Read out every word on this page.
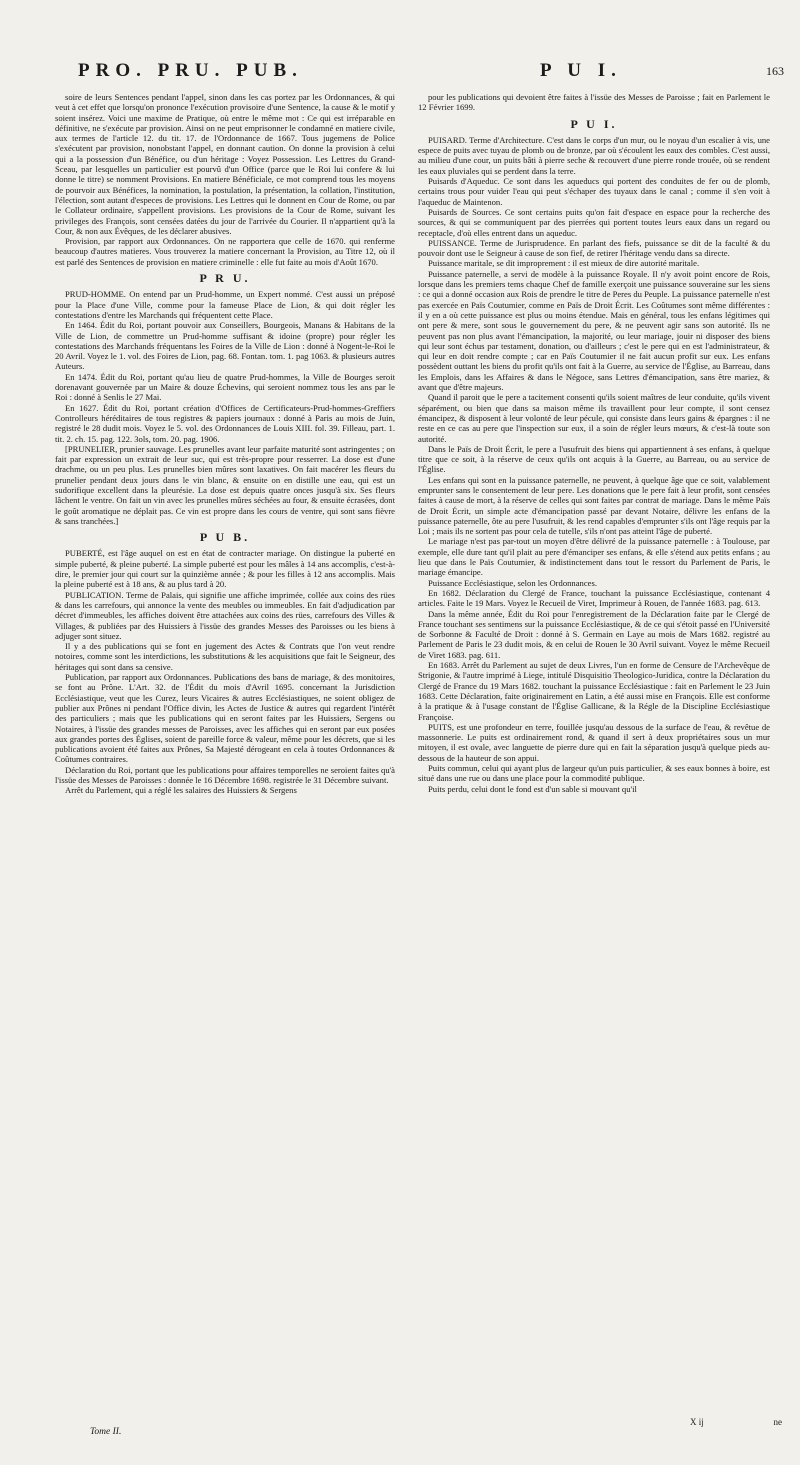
PRO. PRU. PUB.	P U I.	163

soire de leurs Sentences pendant l'appel, sinon dans les cas portez par les Ordonnances, & qui veut à cet effet que lorsqu'on prononce l'exécution provisoire d'une Sentence, la cause & le motif y soient insérez. Voici une maxime de Pratique, où entre le même mot : Ce qui est irréparable en définitive, ne s'exécute par provision. Ainsi on ne peut emprisonner le condamné en matiere civile, aux termes de l'article 12. du tit. 17. de l'Ordonnance de 1667. Tous jugemens de Police s'exécutent par provision, nonobstant l'appel, en donnant caution. On donne la provision à celui qui a la possession d'un Bénéfice, ou d'un héritage : Voyez Possession. Les Lettres du Grand-Sceau, par lesquelles un particulier est pourvû d'un Office (parce que le Roi lui confere & lui donne le titre) se nomment Provisions. En matiere Bénéficiale, ce mot comprend tous les moyens de pourvoir aux Bénéfices, la nomination, la postulation, la présentation, la collation, l'institution, l'élection, sont autant d'especes de provisions. Les Lettres qui le donnent en Cour de Rome, ou par le Collateur ordinaire, s'appellent provisions. Les provisions de la Cour de Rome, suivant les privileges des François, sont censées datées du jour de l'arrivée du Courier. Il n'appartient qu'à la Cour, & non aux Évêques, de les déclarer abusives.

Provision, par rapport aux Ordonnances. On ne rapportera que celle de 1670. qui renferme beaucoup d'autres matieres. Vous trouverez la matiere concernant la Provision, au Titre 12, où il est parlé des Sentences de provision en matiere criminelle : elle fut faite au mois d'Août 1670.

P R U.

PRUD-HOMME. On entend par un Prud-homme, un Expert nommé. C'est aussi un préposé pour la Place d'une Ville, comme pour la fameuse Place de Lion, & qui doit régler les contestations d'entre les Marchands qui fréquentent cette Place.

En 1464. Édit du Roi, portant pouvoir aux Conseillers, Bourgeois, Manans & Habitans de la Ville de Lion, de commettre un Prud-homme suffisant & idoine (propre) pour régler les contestations des Marchands fréquentans les Foires de la Ville de Lion : donné à Nogent-le-Roi le 20 Avril. Voyez le 1. vol. des Foires de Lion, pag. 68. Fontan. tom. 1. pag 1063. & plusieurs autres Auteurs.

En 1474. Édit du Roi, portant qu'au lieu de quatre Prud-hommes, la Ville de Bourges seroit dorenavant gouvernée par un Maire & douze Échevins, qui seroient nommez tous les ans par le Roi : donné à Senlis le 27 Mai.

En 1627. Édit du Roi, portant création d'Offices de Certificateurs-Prud-hommes-Greffiers Controlleurs héréditaires de tous registres & papiers journaux : donné à Paris au mois de Juin, registré le 28 dudit mois. Voyez le 5. vol. des Ordonnances de Louis XIII. fol. 39. Filleau, part. 1. tit. 2. ch. 15. pag. 122. 3ols, tom. 20. pag. 1906.

[PRUNELIER, prunier sauvage. Les prunelles avant leur parfaite maturité sont astringentes ; on fait par expression un extrait de leur suc, qui est très-propre pour resserrer. La dose est d'une drachme, ou un peu plus. Les prunelles bien mûres sont laxatives. On fait macérer les fleurs du prunelier pendant deux jours dans le vin blanc, & ensuite on en distille une eau, qui est un sudorifique excellent dans la pleurésie. La dose est depuis quatre onces jusqu'à six. Ses fleurs lâchent le ventre. On fait un vin avec les prunelles mûres séchées au four, & ensuite écrasées, dont le goût aromatique ne déplait pas. Ce vin est propre dans les cours de ventre, qui sont sans fièvre & sans tranchées.]

P U B.

PUBERTÉ, est l'âge auquel on est en état de contracter mariage. On distingue la puberté en simple puberté, & pleine puberté. La simple puberté est pour les mâles à 14 ans accomplis, c'est-à-dire, le premier jour qui court sur la quinzième année ; & pour les filles à 12 ans accomplis. Mais la pleine puberté est à 18 ans, & au plus tard à 20.

PUBLICATION. Terme de Palais, qui signifie une affiche imprimée, collée aux coins des rües & dans les carrefours, qui annonce la vente des meubles ou immeubles. En fait d'adjudication par décret d'immeubles, les affiches doivent être attachées aux coins des rües, carrefours des Villes & Villages, & publiées par des Huissiers à l'issüe des grandes Messes des Paroisses ou les biens à adjuger sont situez.

Il y a des publications qui se font en jugement des Actes & Contrats que l'on veut rendre notoires, comme sont les interdictions, les substitutions & les acquisitions que fait le Seigneur, des héritages qui sont dans sa censive.

Publication, par rapport aux Ordonnances. Publications des bans de mariage, & des monitoires, se font au Prône. L'Art. 32. de l'Édit du mois d'Avril 1695. concernant la Jurisdiction Ecclésiastique, veut que les Curez, leurs Vicaires & autres Ecclésiastiques, ne soient obligez de publier aux Prônes ni pendant l'Office divin, les Actes de Justice & autres qui regardent l'intérêt des particuliers ; mais que les publications qui en seront faites par les Huissiers, Sergens ou Notaires, à l'issüe des grandes messes de Paroisses, avec les affiches qui en seront par eux posées aux grandes portes des Églises, soient de pareille force & valeur, même pour les décrets, que si les publications avoient été faites aux Prônes, Sa Majesté dérogeant en cela à toutes Ordonnances & Coûtumes contraires.

Déclaration du Roi, portant que les publications pour affaires temporelles ne seroient faites qu'à l'issüe des Messes de Paroisses : donnée le 16 Décembre 1698. registrée le 31 Décembre suivant.

Arrêt du Parlement, qui a réglé les salaires des Huissiers & Sergens

pour les publications qui devoient être faites à l'issüe des Messes de Paroisse ; fait en Parlement le 12 Février 1699.

P U I.

PUISARD. Terme d'Architecture. C'est dans le corps d'un mur, ou le noyau d'un escalier à vis, une espece de puits avec tuyau de plomb ou de bronze, par où s'écoulent les eaux des combles. C'est aussi, au milieu d'une cour, un puits bâti à pierre seche & recouvert d'une pierre ronde trouée, où se rendent les eaux pluviales qui se perdent dans la terre.

Puisards d'Aqueduc. Ce sont dans les aqueducs qui portent des conduites de fer ou de plomb, certains trous pour vuider l'eau qui peut s'échaper des tuyaux dans le canal ; comme il s'en voit à l'aqueduc de Maintenon.

Puisards de Sources. Ce sont certains puits qu'on fait d'espace en espace pour la recherche des sources, & qui se communiquent par des pierrées qui portent toutes leurs eaux dans un regard ou receptacle, d'où elles entrent dans un aqueduc.

PUISSANCE. Terme de Jurisprudence. En parlant des fiefs, puissance se dit de la faculté & du pouvoir dont use le Seigneur à cause de son fief, de retirer l'héritage vendu dans sa directe.

Puissance maritale, se dit improprement : il est mieux de dire autorité maritale.

Puissance paternelle, a servi de modèle à la puissance Royale. Il n'y avoit point encore de Rois, lorsque dans les premiers tems chaque Chef de famille exerçoit une puissance souveraine sur les siens : ce qui a donné occasion aux Rois de prendre le titre de Peres du Peuple. La puissance paternelle n'est pas exercée en Païs Coutumier, comme en Païs de Droit Écrit. Les Coûtumes sont même différentes : il y en a où cette puissance est plus ou moins étendue. Mais en général, tous les enfans légitimes qui ont pere & mere, sont sous le gouvernement du pere, & ne peuvent agir sans son autorité. Ils ne peuvent pas non plus avant l'émancipation, la majorité, ou leur mariage, jouir ni disposer des biens qui leur sont échus par testament, donation, ou d'ailleurs ; c'est le pere qui en est l'administrateur, & qui leur en doit rendre compte ; car en Païs Coutumier il ne fait aucun profit sur eux. Les enfans possèdent outtant les biens du profit qu'ils ont fait à la Guerre, au service de l'Église, au Barreau, dans les Emplois, dans les Affaires & dans le Négoce, sans Lettres d'émancipation, sans être mariez, & avant que d'être majeurs.

Quand il paroit que le pere a tacitement consenti qu'ils soient maîtres de leur conduite, qu'ils vivent séparément, ou bien que dans sa maison même ils travaillent pour leur compte, il sont censez émancipez, & disposent à leur volonté de leur pécule, qui consiste dans leurs gains & épargnes : il ne reste en ce cas au pere que l'inspection sur eux, il a soin de régler leurs mœurs, & c'est-là toute son autorité.

Dans le Païs de Droit Écrit, le pere a l'usufruit des biens qui appartiennent à ses enfans, à quelque titre que ce soit, à la réserve de ceux qu'ils ont acquis à la Guerre, au Barreau, ou au service de l'Église.

Les enfans qui sont en la puissance paternelle, ne peuvent, à quelque âge que ce soit, valablement emprunter sans le consentement de leur pere. Les donations que le pere fait à leur profit, sont censées faites à cause de mort, à la réserve de celles qui sont faites par contrat de mariage. Dans le même Païs de Droit Écrit, un simple acte d'émancipation passé par devant Notaire, délivre les enfans de la puissance paternelle, ôte au pere l'usufruit, & les rend capables d'emprunter s'ils ont l'âge requis par la Loi ; mais ils ne sortent pas pour cela de tutelle, s'ils n'ont pas atteint l'âge de puberté.

Le mariage n'est pas par-tout un moyen d'être délivré de la puissance paternelle : à Toulouse, par exemple, elle dure tant qu'il plait au pere d'émanciper ses enfans, & elle s'étend aux petits enfans ; au lieu que dans le Païs Coutumier, & indistinctement dans tout le ressort du Parlement de Paris, le mariage émancipe.

Puissance Ecclésiastique, selon les Ordonnances.

En 1682. Déclaration du Clergé de France, touchant la puissance Ecclésiastique, contenant 4 articles. Faite le 19 Mars. Voyez le Recueil de Viret, Imprimeur à Rouen, de l'année 1683. pag. 613.

Dans la même année, Édit du Roi pour l'enregistrement de la Déclaration faite par le Clergé de France touchant ses sentimens sur la puissance Ecclésiastique, & de ce qui s'étoit passé en l'Université de Sorbonne & Faculté de Droit : donné à S. Germain en Laye au mois de Mars 1682. registré au Parlement de Paris le 23 dudit mois, & en celui de Rouen le 30 Avril suivant. Voyez le même Recueil de Viret 1683. pag. 611.

En 1683. Arrêt du Parlement au sujet de deux Livres, l'un en forme de Censure de l'Archevêque de Strigonie, & l'autre imprimé à Liege, intitulé Disquisitio Theologico-Juridica, contre la Déclaration du Clergé de France du 19 Mars 1682. touchant la puissance Ecclésiastique : fait en Parlement le 23 Juin 1683. Cette Déclaration, faite originairement en Latin, a été aussi mise en François. Elle est conforme à la pratique & à l'usage constant de l'Église Gallicane, & la Régle de la Discipline Ecclésiastique Françoise.

PUITS, est une profondeur en terre, fouillée jusqu'au dessous de la surface de l'eau, & revêtue de massonnerie. Le puits est ordinairement rond, & quand il sert à deux propriétaires sous un mur mitoyen, il est ovale, avec languette de pierre dure qui en fait la séparation jusqu'à quelque pieds au-dessous de la hauteur de son appui.

Puits commun, celui qui ayant plus de largeur qu'un puis particulier, & ses eaux bonnes à boire, est situé dans une rue ou dans une place pour la commodité publique.

Puits perdu, celui dont le fond est d'un sable si mouvant qu'il

Tome II.
X ij	ne
